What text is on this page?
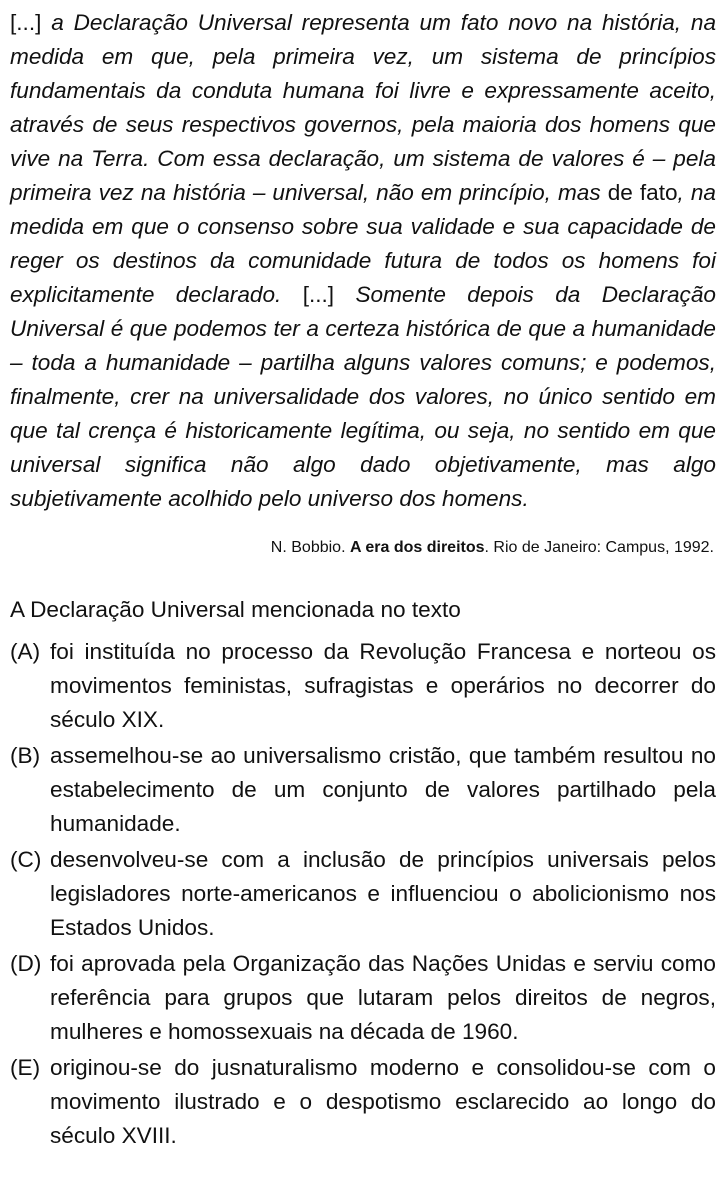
[...] a Declaração Universal representa um fato novo na história, na medida em que, pela primeira vez, um sistema de princípios fundamentais da conduta humana foi livre e expressamente aceito, através de seus respectivos governos, pela maioria dos homens que vive na Terra. Com essa declaração, um sistema de valores é – pela primeira vez na história – universal, não em princípio, mas de fato, na medida em que o consenso sobre sua validade e sua capacidade de reger os destinos da comunidade futura de todos os homens foi explicitamente declarado. [...] Somente depois da Declaração Universal é que podemos ter a certeza histórica de que a humanidade – toda a humanidade – partilha alguns valores comuns; e podemos, finalmente, crer na universalidade dos valores, no único sentido em que tal crença é historicamente legítima, ou seja, no sentido em que universal significa não algo dado objetivamente, mas algo subjetivamente acolhido pelo universo dos homens.

N. Bobbio. A era dos direitos. Rio de Janeiro: Campus, 1992.
A Declaração Universal mencionada no texto
(A) foi instituída no processo da Revolução Francesa e norteou os movimentos feministas, sufragistas e operários no decorrer do século XIX.
(B) assemelhou-se ao universalismo cristão, que também resultou no estabelecimento de um conjunto de valores partilhado pela humanidade.
(C) desenvolveu-se com a inclusão de princípios universais pelos legisladores norte-americanos e influenciou o abolicionismo nos Estados Unidos.
(D) foi aprovada pela Organização das Nações Unidas e serviu como referência para grupos que lutaram pelos direitos de negros, mulheres e homossexuais na década de 1960.
(E) originou-se do jusnaturalismo moderno e consolidou-se com o movimento ilustrado e o despotismo esclarecido ao longo do século XVIII.
